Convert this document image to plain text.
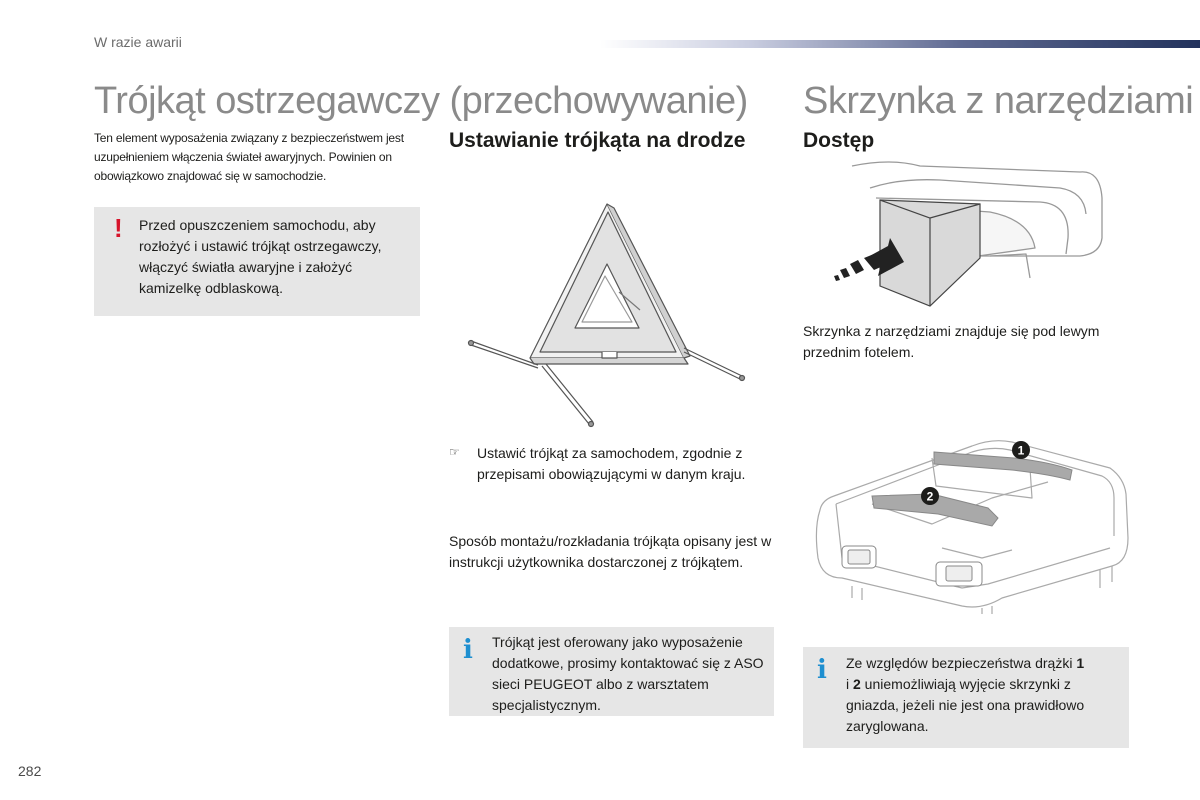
W razie awarii
Trójkąt ostrzegawczy (przechowywanie) Skrzynka z narzędziami
Ten element wyposażenia związany z bezpieczeństwem jest uzupełnieniem włączenia świateł awaryjnych. Powinien on obowiązkowo znajdować się w samochodzie.
! Przed opuszczeniem samochodu, aby rozłożyć i ustawić trójkąt ostrzegawczy, włączyć światła awaryjne i założyć kamizelkę odblaskową.
Ustawianie trójkąta na drodze	Dostęp
☞ Ustawić trójkąt za samochodem, zgodnie z przepisami obowiązującymi w danym kraju.
Sposób montażu/rozkładania trójkąta opisany jest w instrukcji użytkownika dostarczonej z trójkątem.
i Trójkąt jest oferowany jako wyposażenie dodatkowe, prosimy kontaktować się z ASO sieci PEUGEOT albo z warsztatem specjalistycznym.
Skrzynka z narzędziami znajduje się pod lewym przednim fotelem.
1
2
i Ze względów bezpieczeństwa drążki 1
i 2 uniemożliwiają wyjęcie skrzynki z gniazda, jeżeli nie jest ona prawidłowo zaryglowana.
282
